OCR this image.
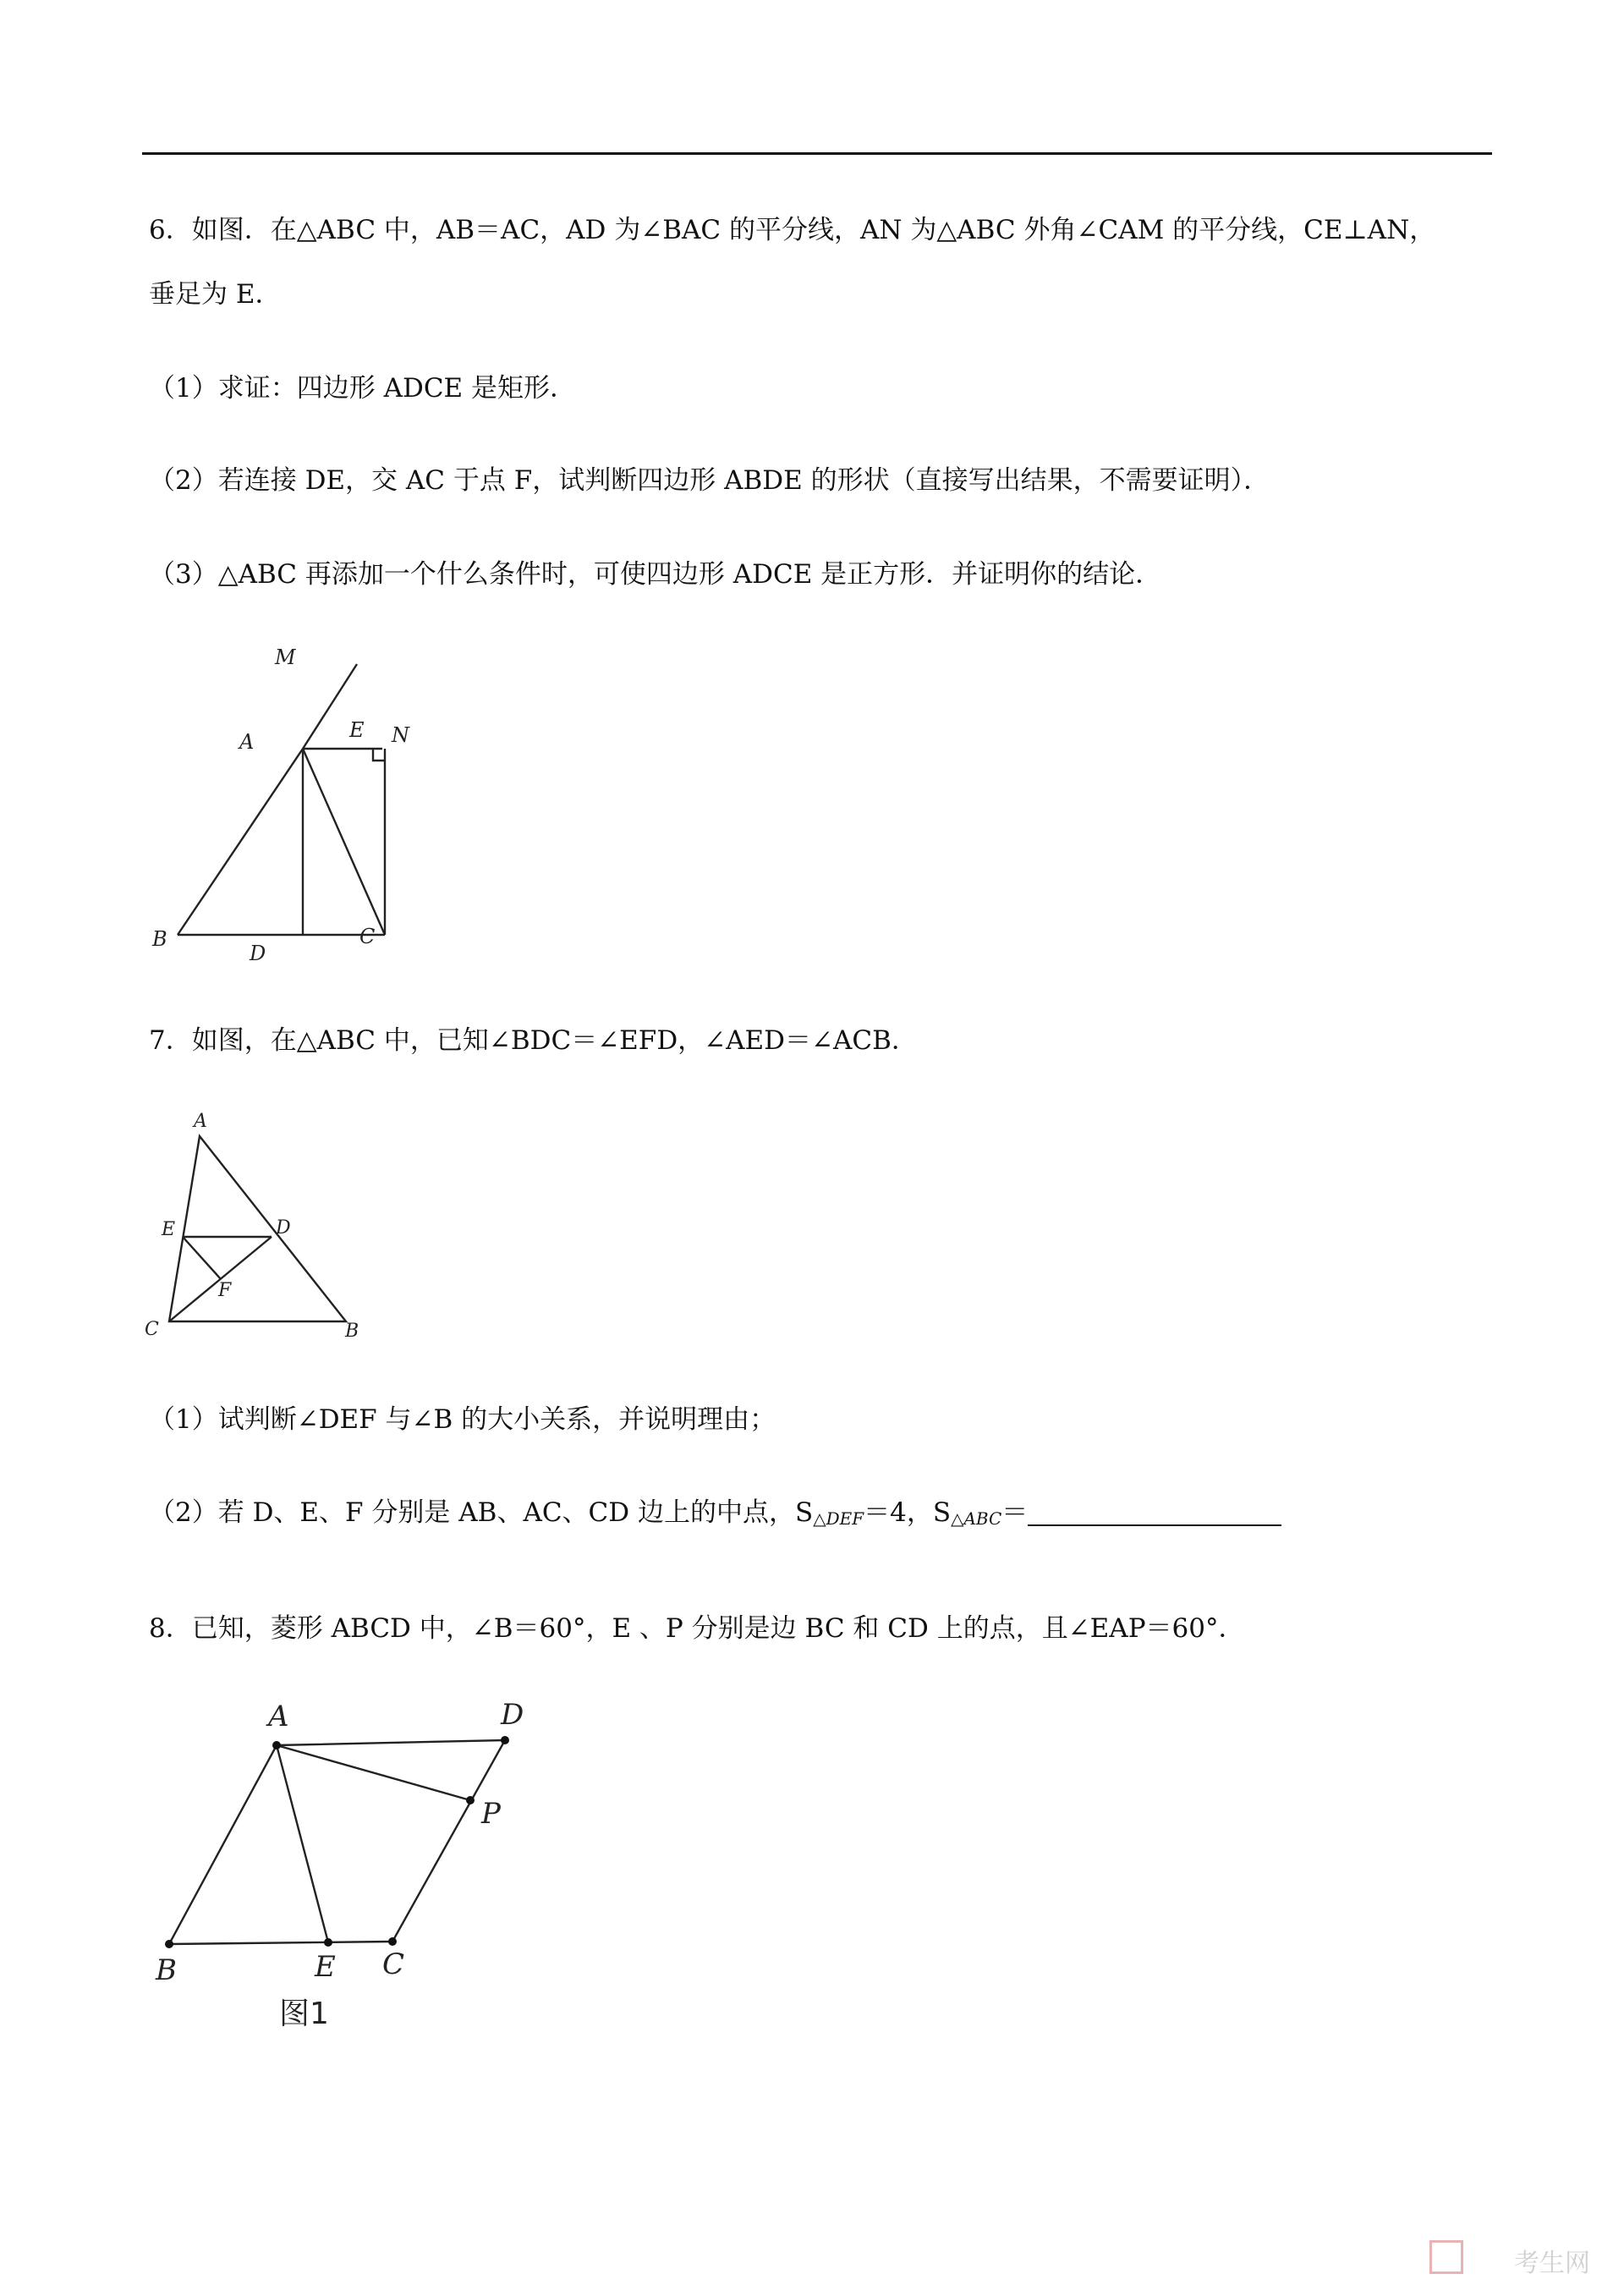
6．如图．在△ABC 中，AB＝AC，AD 为∠BAC 的平分线，AN 为△ABC 外角∠CAM 的平分线，CE⊥AN，
垂足为 E．
（1）求证：四边形 ADCE 是矩形．
（2）若连接 DE，交 AC 于点 F，试判断四边形 ABDE 的形状（直接写出结果，不需要证明）．
（3）△ABC 再添加一个什么条件时，可使四边形 ADCE 是正方形．并证明你的结论．
M
A	E N
B
D
C
7．如图，在△ABC 中，已知∠BDC＝∠EFD，∠AED＝∠ACB．
A
E	D
F
C	B
（1）试判断∠DEF 与∠B 的大小关系，并说明理由；
（2）若 D、E、F 分别是 AB、AC、CD 边上的中点，$S_{\triangle DEF}=4$，$S_{\triangle ABC}=$
8．已知，菱形 ABCD 中，∠B＝60°，E 、P 分别是边 BC 和 CD 上的点，且∠EAP＝60°．
A	D
P
B	E C
图1
考生网
